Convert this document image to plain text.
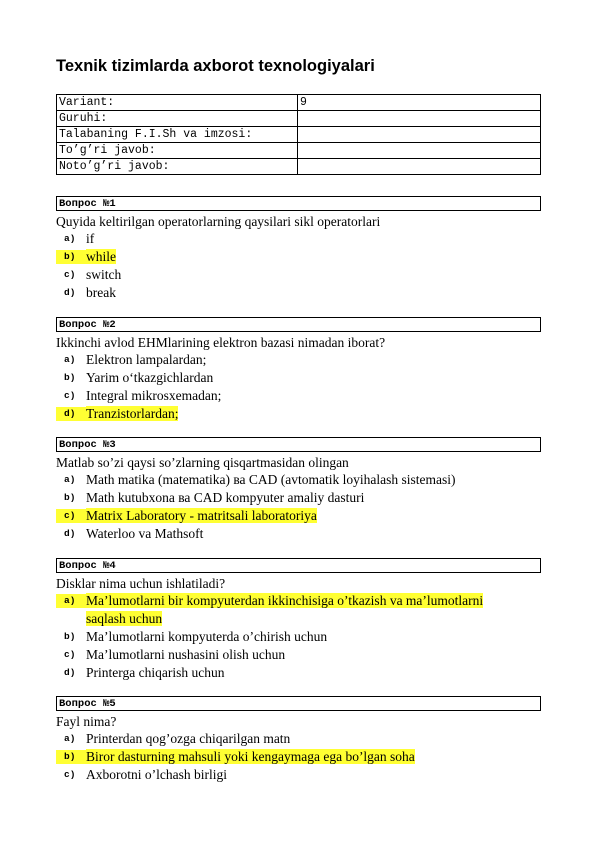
Texnik tizimlarda axborot texnologiyalari
Variant:	9
Guruhi:	
Talabaning F.I.Sh va imzosi:	
To’g’ri javob:	
Noto’g’ri javob:	
Вопрос №1
Quyida keltirilgan operatorlarning qaysilari sikl operatorlari
a) if
b) while
c) switch
d) break
Вопрос №2
Ikkinchi avlod EHMlarining elektron bazasi nimadan iborat?
a) Elektron lampalardan;
b) Yarim o‘tkazgichlardan
c) Integral mikrosxemadan;
d) Tranzistorlardan;
Вопрос №3
Matlab so’zi qaysi so’zlarning qisqartmasidan olingan
a) Math matika (matematika) ва CAD (avtomatik loyihalash sistemasi)
b) Math kutubxona ва CAD kompyuter amaliy dasturi
c) Matrix Laboratory - matritsali laboratoriya
d) Waterloo va Mathsoft
Вопрос №4
Disklar nima uchun ishlatiladi?
a) Ma’lumotlarni bir kompyuterdan ikkinchisiga o’tkazish va ma’lumotlarni saqlash uchun
b) Ma’lumotlarni kompyuterda o’chirish uchun
c) Ma’lumotlarni nushasini olish uchun
d) Printerga chiqarish uchun
Вопрос №5
Fayl nima?
a) Printerdan qog’ozga chiqarilgan matn
b) Biror dasturning mahsuli yoki kengaymaga ega bo’lgan soha
c) Axborotni o’lchash birligi
